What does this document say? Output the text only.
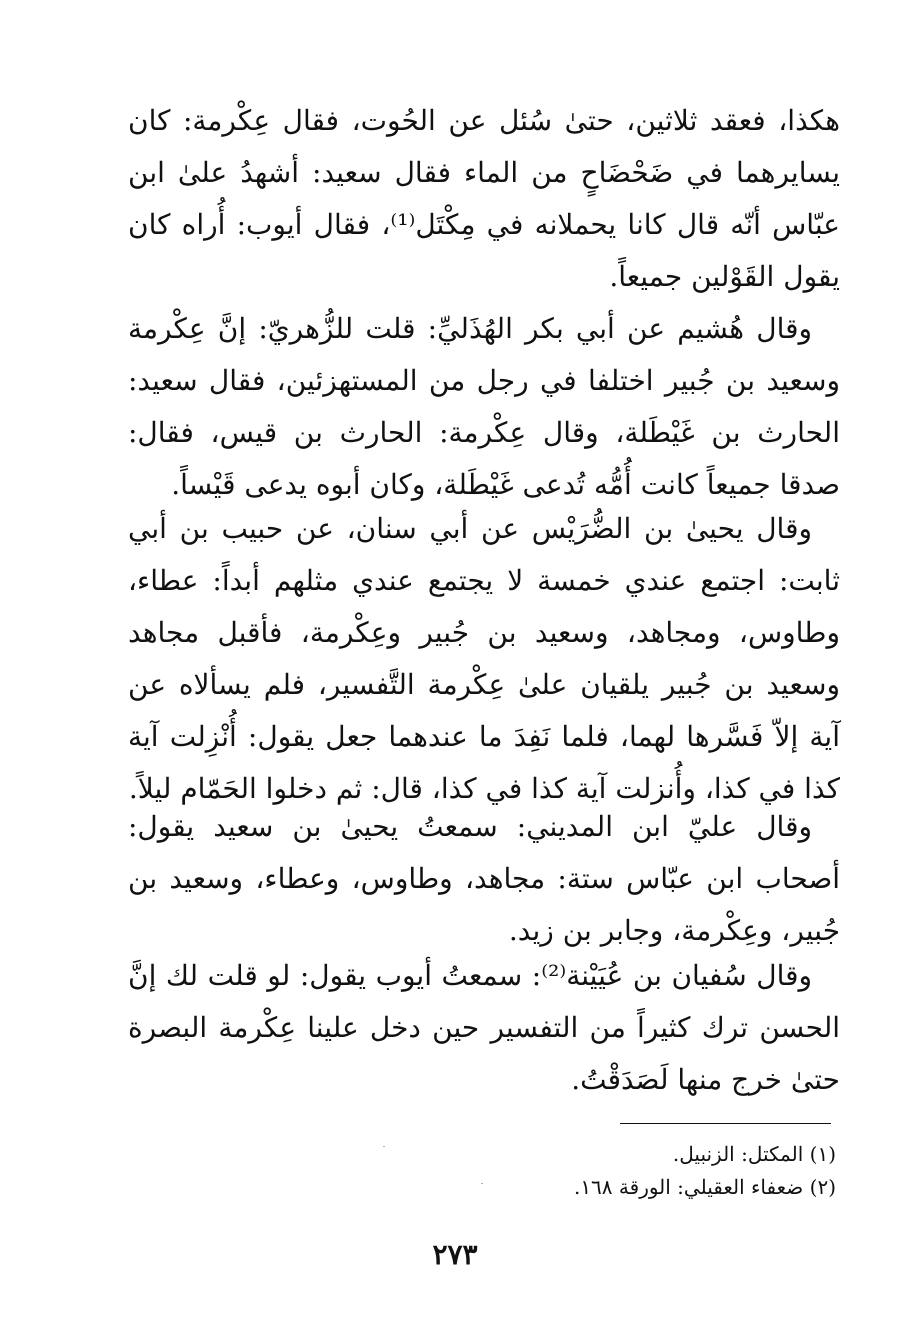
هكذا، فعقد ثلاثين، حتىٰ سُئل عن الحُوت، فقال عِكْرمة: كان يسايرهما في ضَحْضَاحٍ من الماء فقال سعيد: أشهدُ علىٰ ابن عبّاس أنّه قال كانا يحملانه في مِكْتَل⁽¹⁾، فقال أيوب: أُراه كان يقول القَوْلين جميعاً.
وقال هُشيم عن أبي بكر الهُذَليِّ: قلت للزُّهريّ: إنَّ عِكْرمة وسعيد بن جُبير اختلفا في رجل من المستهزئين، فقال سعيد: الحارث بن غَيْطَلة، وقال عِكْرمة: الحارث بن قيس، فقال: صدقا جميعاً كانت أُمُّه تُدعى غَيْطَلة، وكان أبوه يدعى قَيْساً.
وقال يحيىٰ بن الضُّرَيْس عن أبي سنان، عن حبيب بن أبي ثابت: اجتمع عندي خمسة لا يجتمع عندي مثلهم أبداً: عطاء، وطاوس، ومجاهد، وسعيد بن جُبير وعِكْرمة، فأقبل مجاهد وسعيد بن جُبير يلقيان علىٰ عِكْرمة التَّفسير، فلم يسألاه عن آية إلاّ فَسَّرها لهما، فلما نَفِدَ ما عندهما جعل يقول: أُنْزِلت آية كذا في كذا، وأُنزلت آية كذا في كذا، قال: ثم دخلوا الحَمّام ليلاً.
وقال عليّ ابن المديني: سمعتُ يحيىٰ بن سعيد يقول: أصحاب ابن عبّاس ستة: مجاهد، وطاوس، وعطاء، وسعيد بن جُبير، وعِكْرمة، وجابر بن زيد.
وقال سُفيان بن عُيَيْنة⁽²⁾: سمعتُ أيوب يقول: لو قلت لك إنَّ الحسن ترك كثيراً من التفسير حين دخل علينا عِكْرمة البصرة حتىٰ خرج منها لَصَدَقْتُ.
(١) المكتل: الزنبيل.
(٢) ضعفاء العقيلي: الورقة ١٦٨.
٢٧٣
